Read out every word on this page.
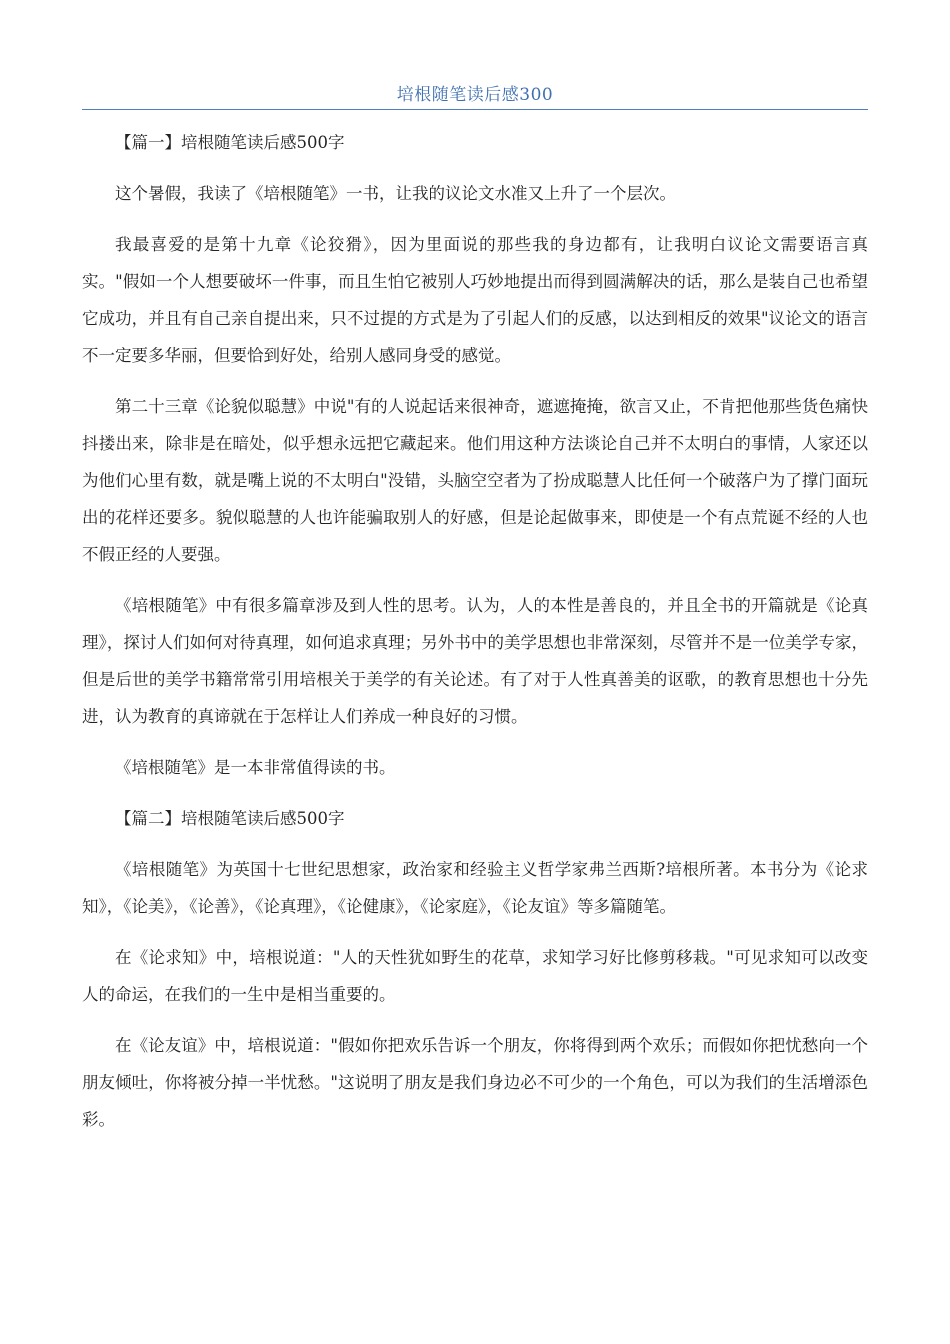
培根随笔读后感300

【篇一】培根随笔读后感500字

这个暑假，我读了《培根随笔》一书，让我的议论文水准又上升了一个层次。

我最喜爱的是第十九章《论狡猾》，因为里面说的那些我的身边都有，让我明白议论文需要语言真实。"假如一个人想要破坏一件事，而且生怕它被别人巧妙地提出而得到圆满解决的话，那么是装自己也希望它成功，并且有自己亲自提出来，只不过提的方式是为了引起人们的反感，以达到相反的效果"议论文的语言不一定要多华丽，但要恰到好处，给别人感同身受的感觉。

第二十三章《论貌似聪慧》中说"有的人说起话来很神奇，遮遮掩掩，欲言又止，不肯把他那些货色痛快抖搂出来，除非是在暗处，似乎想永远把它藏起来。他们用这种方法谈论自己并不太明白的事情，人家还以为他们心里有数，就是嘴上说的不太明白"没错，头脑空空者为了扮成聪慧人比任何一个破落户为了撑门面玩出的花样还要多。貌似聪慧的人也许能骗取别人的好感，但是论起做事来，即使是一个有点荒诞不经的人也不假正经的人要强。

《培根随笔》中有很多篇章涉及到人性的思考。认为，人的本性是善良的，并且全书的开篇就是《论真理》，探讨人们如何对待真理，如何追求真理；另外书中的美学思想也非常深刻，尽管并不是一位美学专家，但是后世的美学书籍常常引用培根关于美学的有关论述。有了对于人性真善美的讴歌，的教育思想也十分先进，认为教育的真谛就在于怎样让人们养成一种良好的习惯。

《培根随笔》是一本非常值得读的书。

【篇二】培根随笔读后感500字

《培根随笔》为英国十七世纪思想家，政治家和经验主义哲学家弗兰西斯?培根所著。本书分为《论求知》，《论美》，《论善》，《论真理》，《论健康》，《论家庭》，《论友谊》等多篇随笔。

在《论求知》中，培根说道："人的天性犹如野生的花草，求知学习好比修剪移栽。"可见求知可以改变人的命运，在我们的一生中是相当重要的。

在《论友谊》中，培根说道："假如你把欢乐告诉一个朋友，你将得到两个欢乐；而假如你把忧愁向一个朋友倾吐，你将被分掉一半忧愁。"这说明了朋友是我们身边必不可少的一个角色，可以为我们的生活增添色彩。
